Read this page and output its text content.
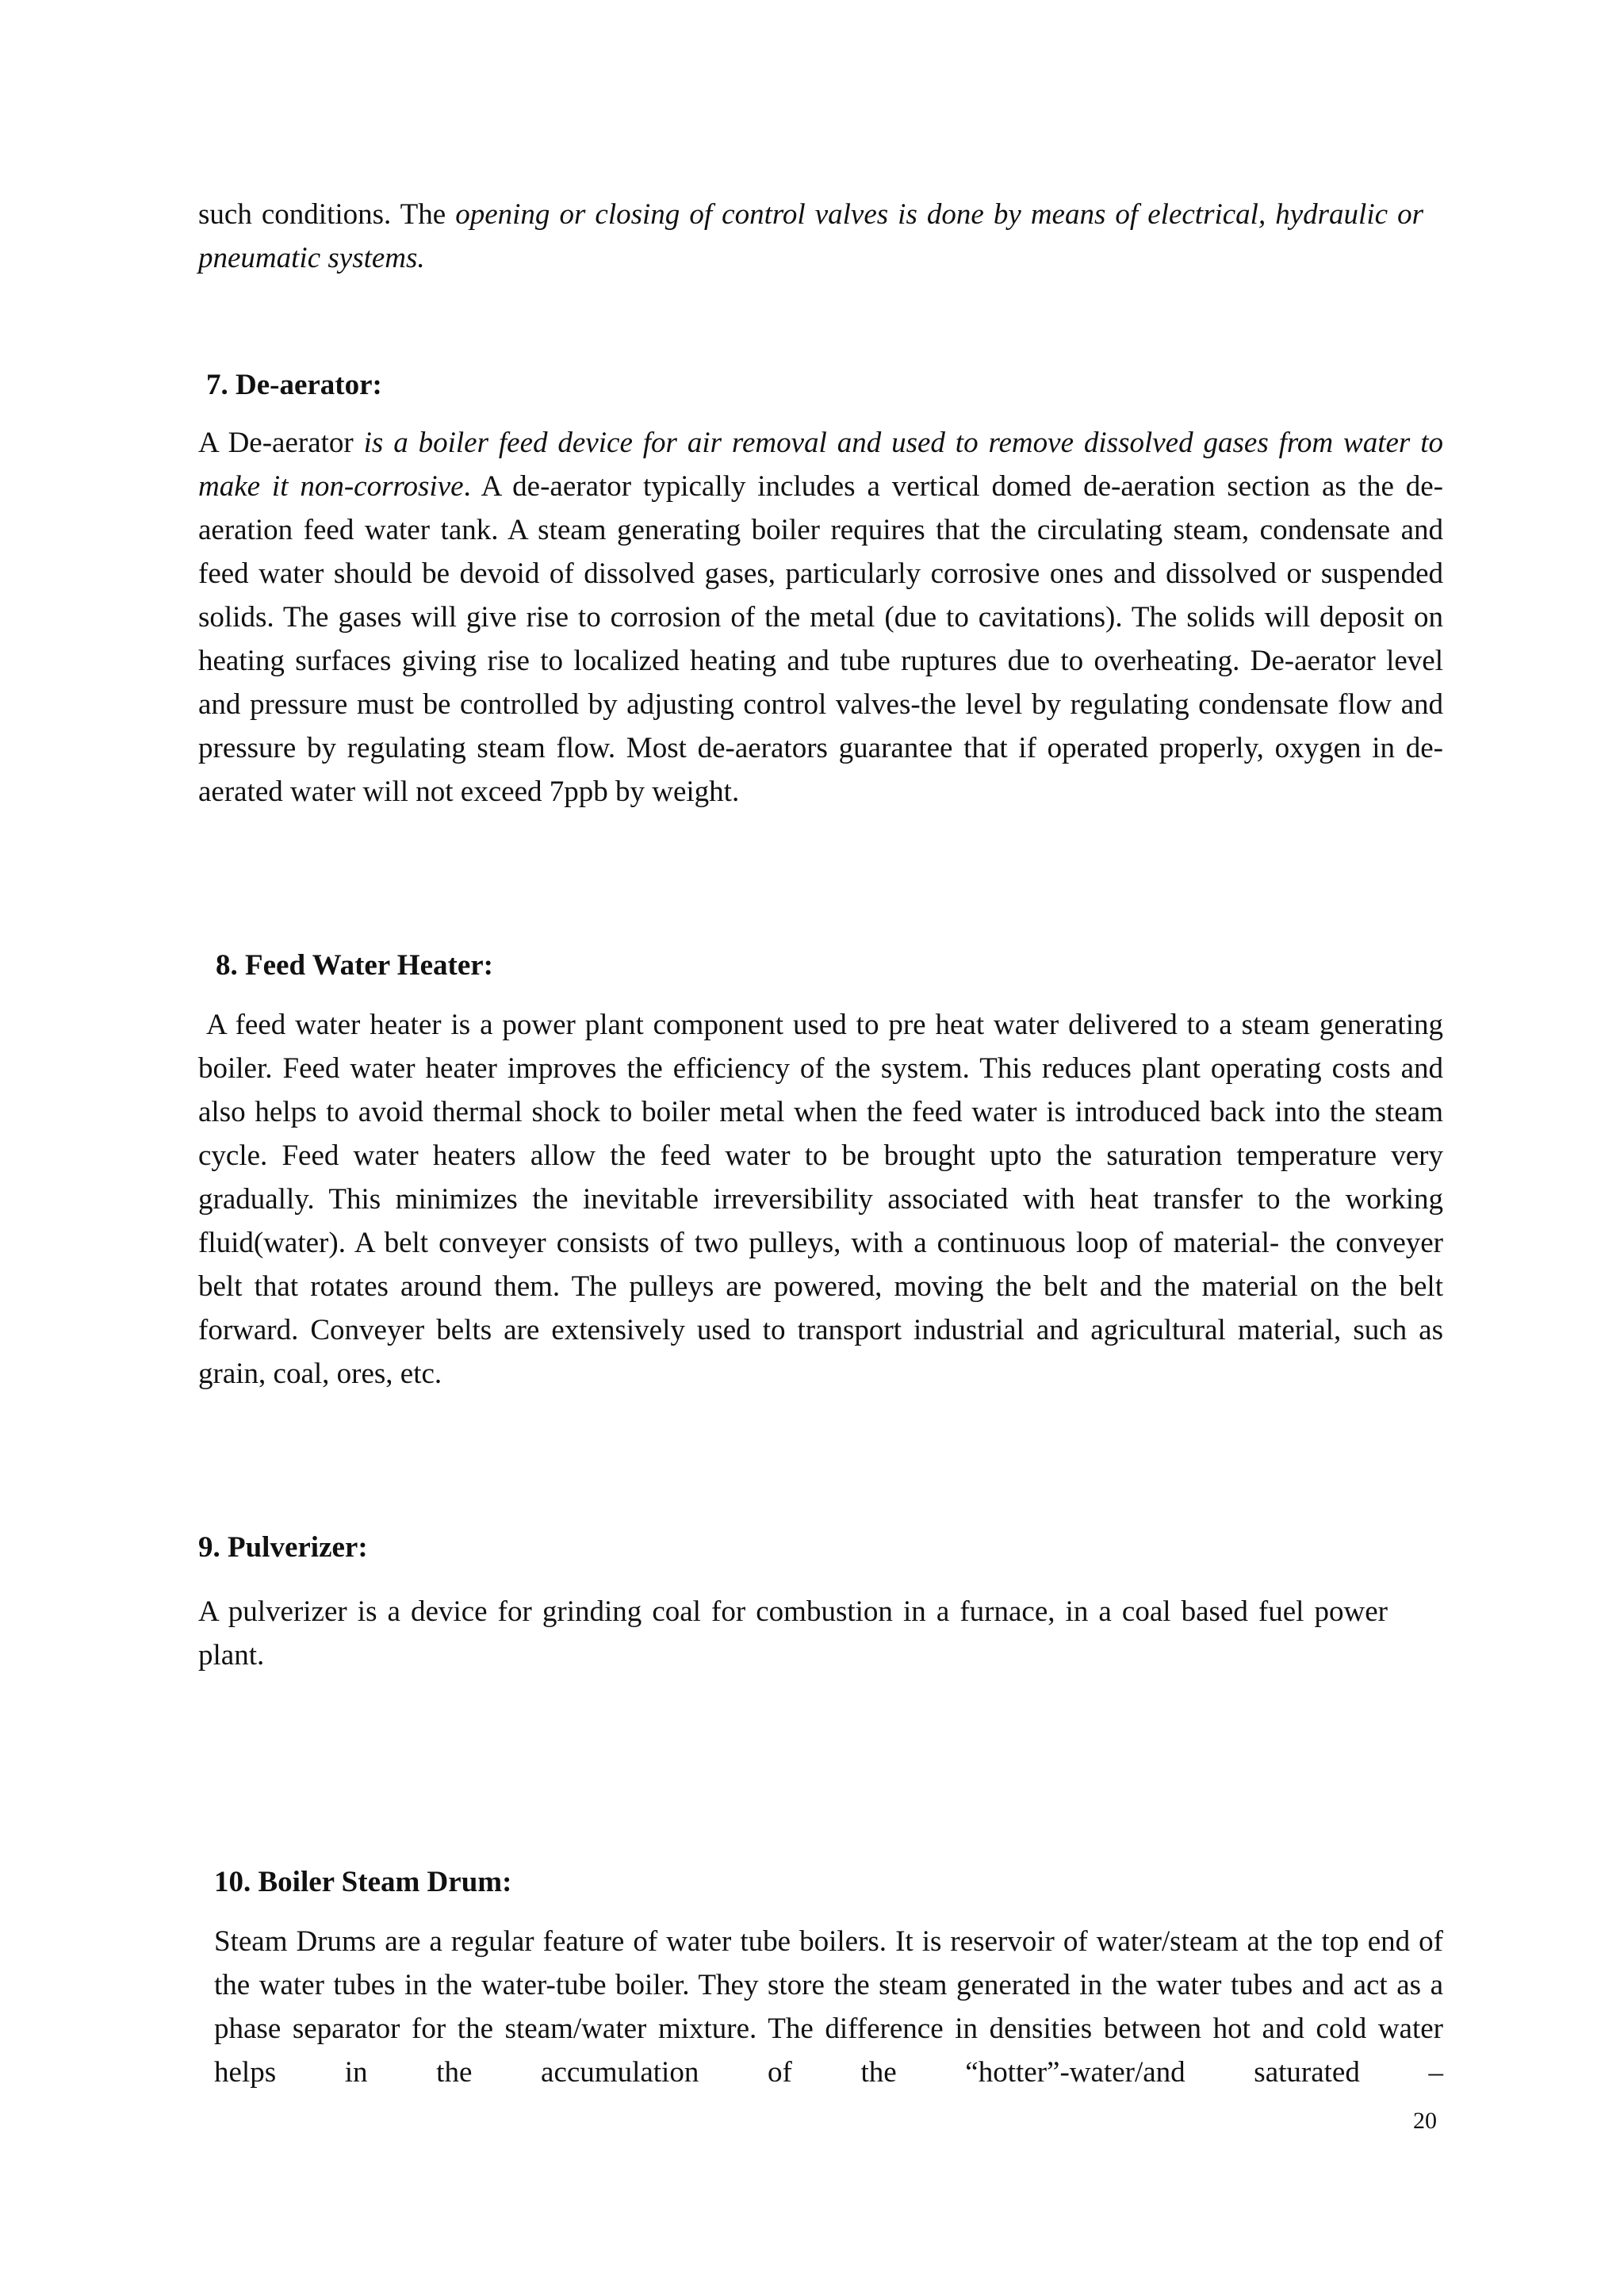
such conditions. The opening or closing of control valves is done by means of electrical, hydraulic or pneumatic systems.
7. De-aerator:
A De-aerator is a boiler feed device for air removal and used to remove dissolved gases from water to make it non-corrosive. A de-aerator typically includes a vertical domed de-aeration section as the de-aeration feed water tank. A steam generating boiler requires that the circulating steam, condensate and feed water should be devoid of dissolved gases, particularly corrosive ones and dissolved or suspended solids. The gases will give rise to corrosion of the metal (due to cavitations). The solids will deposit on heating surfaces giving rise to localized heating and tube ruptures due to overheating. De-aerator level and pressure must be controlled by adjusting control valves-the level by regulating condensate flow and pressure by regulating steam flow. Most de-aerators guarantee that if operated properly, oxygen in de-aerated water will not exceed 7ppb by weight.
8. Feed Water Heater:
A feed water heater is a power plant component used to pre heat water delivered to a steam generating boiler. Feed water heater improves the efficiency of the system. This reduces plant operating costs and also helps to avoid thermal shock to boiler metal when the feed water is introduced back into the steam cycle. Feed water heaters allow the feed water to be brought upto the saturation temperature very gradually. This minimizes the inevitable irreversibility associated with heat transfer to the working fluid(water). A belt conveyer consists of two pulleys, with a continuous loop of material- the conveyer belt that rotates around them. The pulleys are powered, moving the belt and the material on the belt forward. Conveyer belts are extensively used to transport industrial and agricultural material, such as grain, coal, ores, etc.
9. Pulverizer:
A pulverizer is a device for grinding coal for combustion in a furnace, in a coal based fuel power plant.
10. Boiler Steam Drum:
Steam Drums are a regular feature of water tube boilers. It is reservoir of water/steam at the top end of the water tubes in the water-tube boiler. They store the steam generated in the water tubes and act as a phase separator for the steam/water mixture. The difference in densities between hot and cold water helps in the accumulation of the “hotter”-water/and saturated –
20
